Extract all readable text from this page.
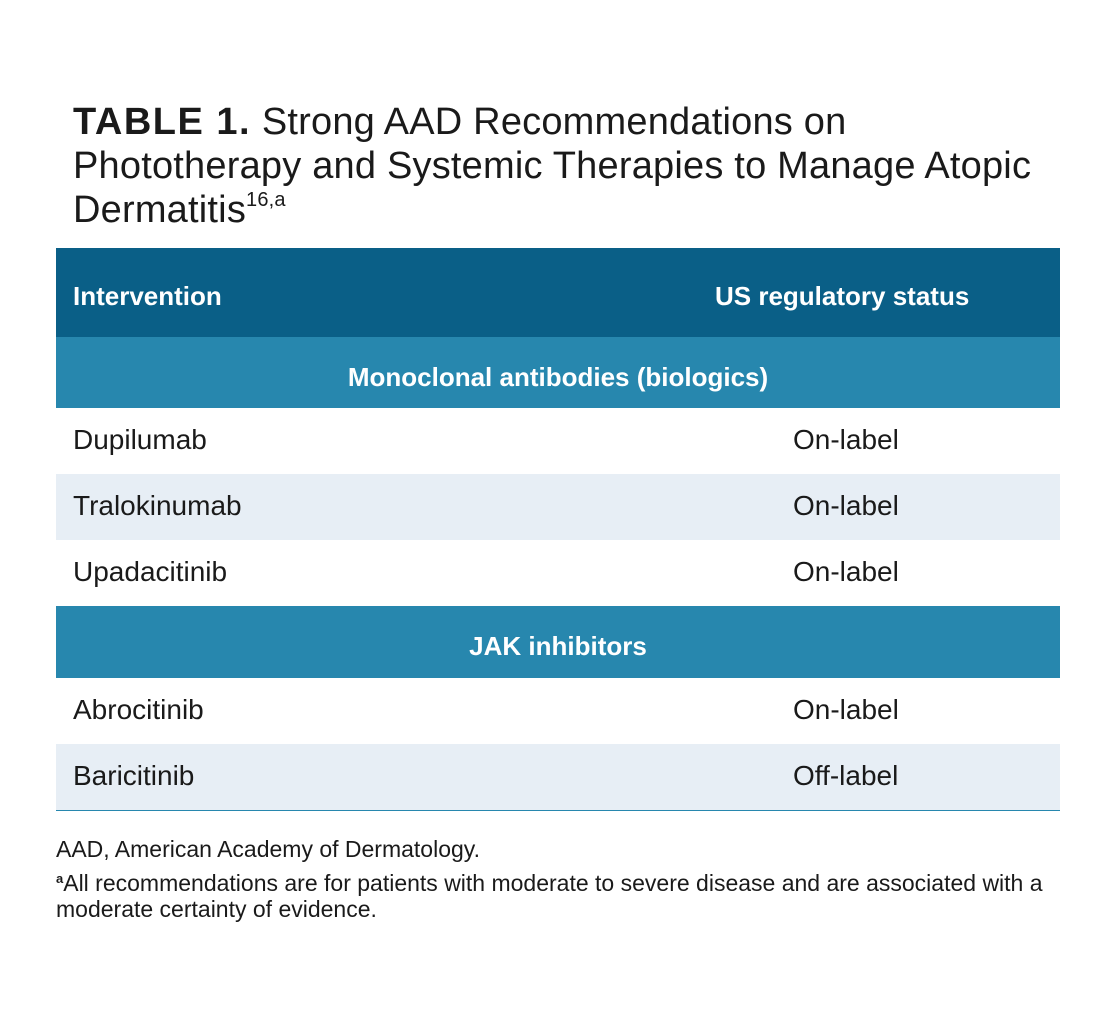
TABLE 1. Strong AAD Recommendations on Phototherapy and Systemic Therapies to Manage Atopic Dermatitis$^{16,a}$
Intervention	US regulatory status
Monoclonal antibodies (biologics)
Dupilumab	On-label
Tralokinumab	On-label
Upadacitinib	On-label
JAK inhibitors
Abrocitinib	On-label
Baricitinib	Off-label
AAD, American Academy of Dermatology.
$^a$All recommendations are for patients with moderate to severe disease and are associated with a moderate certainty of evidence.
